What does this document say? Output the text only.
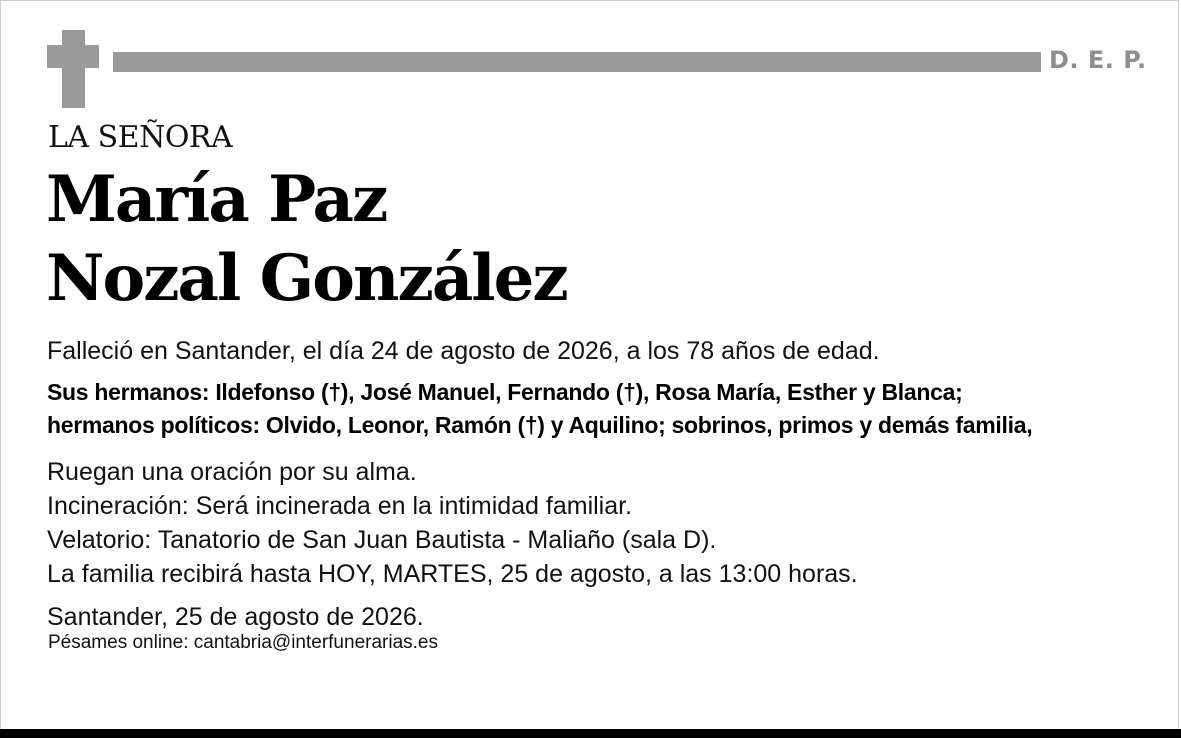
D. E. P.
LA SEÑORA
María Paz
Nozal González
Falleció en Santander, el día 24 de agosto de 2026, a los 78 años de edad.
Sus hermanos: Ildefonso (†), José Manuel, Fernando (†), Rosa María, Esther y Blanca;
hermanos políticos: Olvido, Leonor, Ramón (†) y Aquilino; sobrinos, primos y demás familia,
Ruegan una oración por su alma.
Incineración: Será incinerada en la intimidad familiar.
Velatorio: Tanatorio de San Juan Bautista - Maliaño (sala D).
La familia recibirá hasta HOY, MARTES, 25 de agosto, a las 13:00 horas.
Santander, 25 de agosto de 2026.
Pésames online: cantabria@interfunerarias.es
